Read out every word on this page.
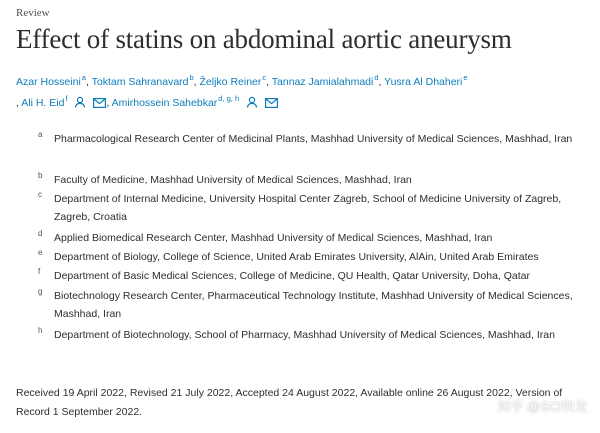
Review
Effect of statins on abdominal aortic aneurysm
Azar Hosseini$^a$, Toktam Sahranavard$^b$, Željko Reiner$^c$, Tannaz Jamialahmadi$^d$, Yusra Al Dhaheri$^e$
, Ali H. Eid$^f$
	, Amirhossein Sahebkar$^{d, g, h}$

a Pharmacological Research Center of Medicinal Plants, Mashhad University of Medical Sciences, Mashhad, Iran
b Faculty of Medicine, Mashhad University of Medical Sciences, Mashhad, Iran
c Department of Internal Medicine, University Hospital Center Zagreb, School of Medicine University of Zagreb, Zagreb, Croatia
d Applied Biomedical Research Center, Mashhad University of Medical Sciences, Mashhad, Iran
e Department of Biology, College of Science, United Arab Emirates University, AlAin, United Arab Emirates
f Department of Basic Medical Sciences, College of Medicine, QU Health, Qatar University, Doha, Qatar
g Biotechnology Research Center, Pharmaceutical Technology Institute, Mashhad University of Medical Sciences, Mashhad, Iran
h Department of Biotechnology, School of Pharmacy, Mashhad University of Medical Sciences, Mashhad, Iran
Received 19 April 2022, Revised 21 July 2022, Accepted 24 August 2022, Available online 26 August 2022, Version of Record 1 September 2022.	知乎 @SCI快发
